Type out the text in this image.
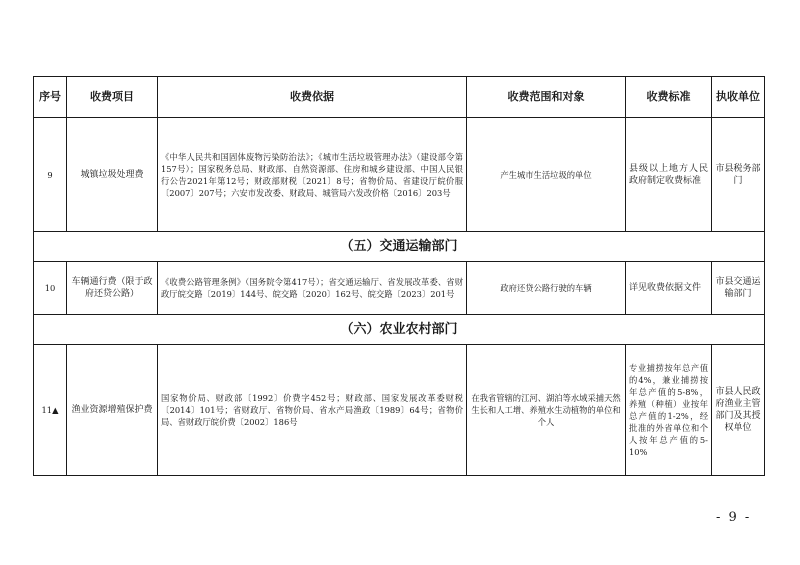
序号	收费项目	收费依据	收费范围和对象	收费标准	执收单位
9	城镇垃圾处理费	《中华人民共和国固体废物污染防治法》；《城市生活垃圾管理办法》（建设部令第157号）；国家税务总局、财政部、自然资源部、住房和城乡建设部、中国人民银行公告2021年第12号；财政部财税〔2021〕8号；省物价局、省建设厅皖价服〔2007〕207号；六安市发改委、财政局、城管局六发改价格〔2016〕203号	产生城市生活垃圾的单位	县级以上地方人民政府制定收费标准	市县税务部门
（五）交通运输部门					
10	车辆通行费（限于政府还贷公路）	《收费公路管理条例》（国务院令第417号）；省交通运输厅、省发展改革委、省财政厅皖交路〔2019〕144号、皖交路〔2020〕162号、皖交路〔2023〕201号	政府还贷公路行驶的车辆	详见收费依据文件	市县交通运输部门
（六）农业农村部门					
11▲	渔业资源增殖保护费	国家物价局、财政部〔1992〕价费字452号；财政部、国家发展改革委财税〔2014〕101号；省财政厅、省物价局、省水产局渔政〔1989〕64号；省物价局、省财政厅皖价费〔2002〕186号	在我省管辖的江河、湖泊等水域采捕天然生长和人工增、养殖水生动植物的单位和个人	专业捕捞按年总产值的4%，兼业捕捞按年总产值的5-8%，养殖（种植）业按年总产值的1-2%，经批准的外省单位和个人按年总产值的5-10%	市县人民政府渔业主管部门及其授权单位
- 9 -
